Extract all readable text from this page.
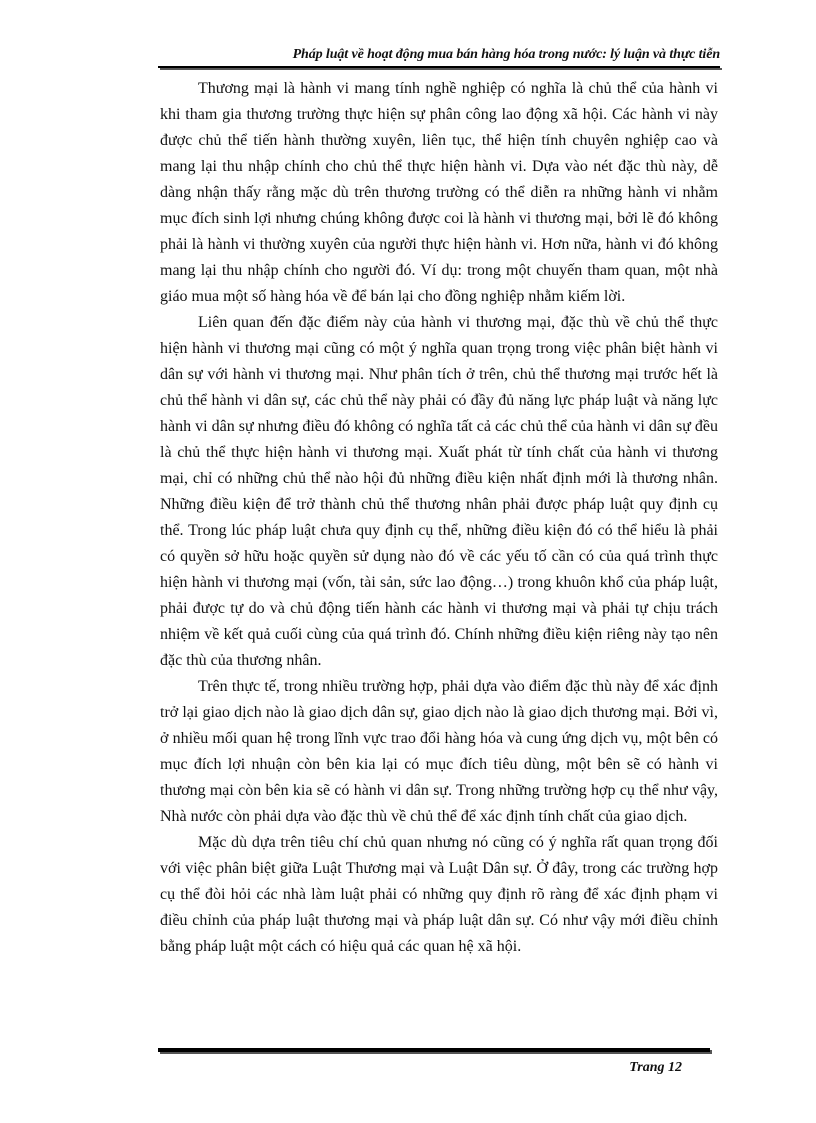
Pháp luật về hoạt động mua bán hàng hóa trong nước: lý luận và thực tiễn

Thương mại là hành vi mang tính nghề nghiệp có nghĩa là chủ thể của hành vi khi tham gia thương trường thực hiện sự phân công lao động xã hội. Các hành vi này được chủ thể tiến hành thường xuyên, liên tục, thể hiện tính chuyên nghiệp cao và mang lại thu nhập chính cho chủ thể thực hiện hành vi. Dựa vào nét đặc thù này, dễ dàng nhận thấy rằng mặc dù trên thương trường có thể diễn ra những hành vi nhằm mục đích sinh lợi nhưng chúng không được coi là hành vi thương mại, bởi lẽ đó không phải là hành vi thường xuyên của người thực hiện hành vi. Hơn nữa, hành vi đó không mang lại thu nhập chính cho người đó. Ví dụ: trong một chuyến tham quan, một nhà giáo mua một số hàng hóa về để bán lại cho đồng nghiệp nhằm kiếm lời.

Liên quan đến đặc điểm này của hành vi thương mại, đặc thù về chủ thể thực hiện hành vi thương mại cũng có một ý nghĩa quan trọng trong việc phân biệt hành vi dân sự với hành vi thương mại. Như phân tích ở trên, chủ thể thương mại trước hết là chủ thể hành vi dân sự, các chủ thể này phải có đầy đủ năng lực pháp luật và năng lực hành vi dân sự nhưng điều đó không có nghĩa tất cả các chủ thể của hành vi dân sự đều là chủ thể thực hiện hành vi thương mại. Xuất phát từ tính chất của hành vi thương mại, chỉ có những chủ thể nào hội đủ những điều kiện nhất định mới là thương nhân. Những điều kiện để trở thành chủ thể thương nhân phải được pháp luật quy định cụ thể. Trong lúc pháp luật chưa quy định cụ thể, những điều kiện đó có thể hiểu là phải có quyền sở hữu hoặc quyền sử dụng nào đó về các yếu tố cần có của quá trình thực hiện hành vi thương mại (vốn, tài sản, sức lao động…) trong khuôn khổ của pháp luật, phải được tự do và chủ động tiến hành các hành vi thương mại và phải tự chịu trách nhiệm về kết quả cuối cùng của quá trình đó. Chính những điều kiện riêng này tạo nên đặc thù của thương nhân.

Trên thực tế, trong nhiều trường hợp, phải dựa vào điểm đặc thù này để xác định trở lại giao dịch nào là giao dịch dân sự, giao dịch nào là giao dịch thương mại. Bởi vì, ở nhiều mối quan hệ trong lĩnh vực trao đổi hàng hóa và cung ứng dịch vụ, một bên có mục đích lợi nhuận còn bên kia lại có mục đích tiêu dùng, một bên sẽ có hành vi thương mại còn bên kia sẽ có hành vi dân sự. Trong những trường hợp cụ thể như vậy, Nhà nước còn phải dựa vào đặc thù về chủ thể để xác định tính chất của giao dịch.

Mặc dù dựa trên tiêu chí chủ quan nhưng nó cũng có ý nghĩa rất quan trọng đối với việc phân biệt giữa Luật Thương mại và Luật Dân sự. Ở đây, trong các trường hợp cụ thể đòi hỏi các nhà làm luật phải có những quy định rõ ràng để xác định phạm vi điều chỉnh của pháp luật thương mại và pháp luật dân sự. Có như vậy mới điều chỉnh bằng pháp luật một cách có hiệu quả các quan hệ xã hội.

Trang 12
